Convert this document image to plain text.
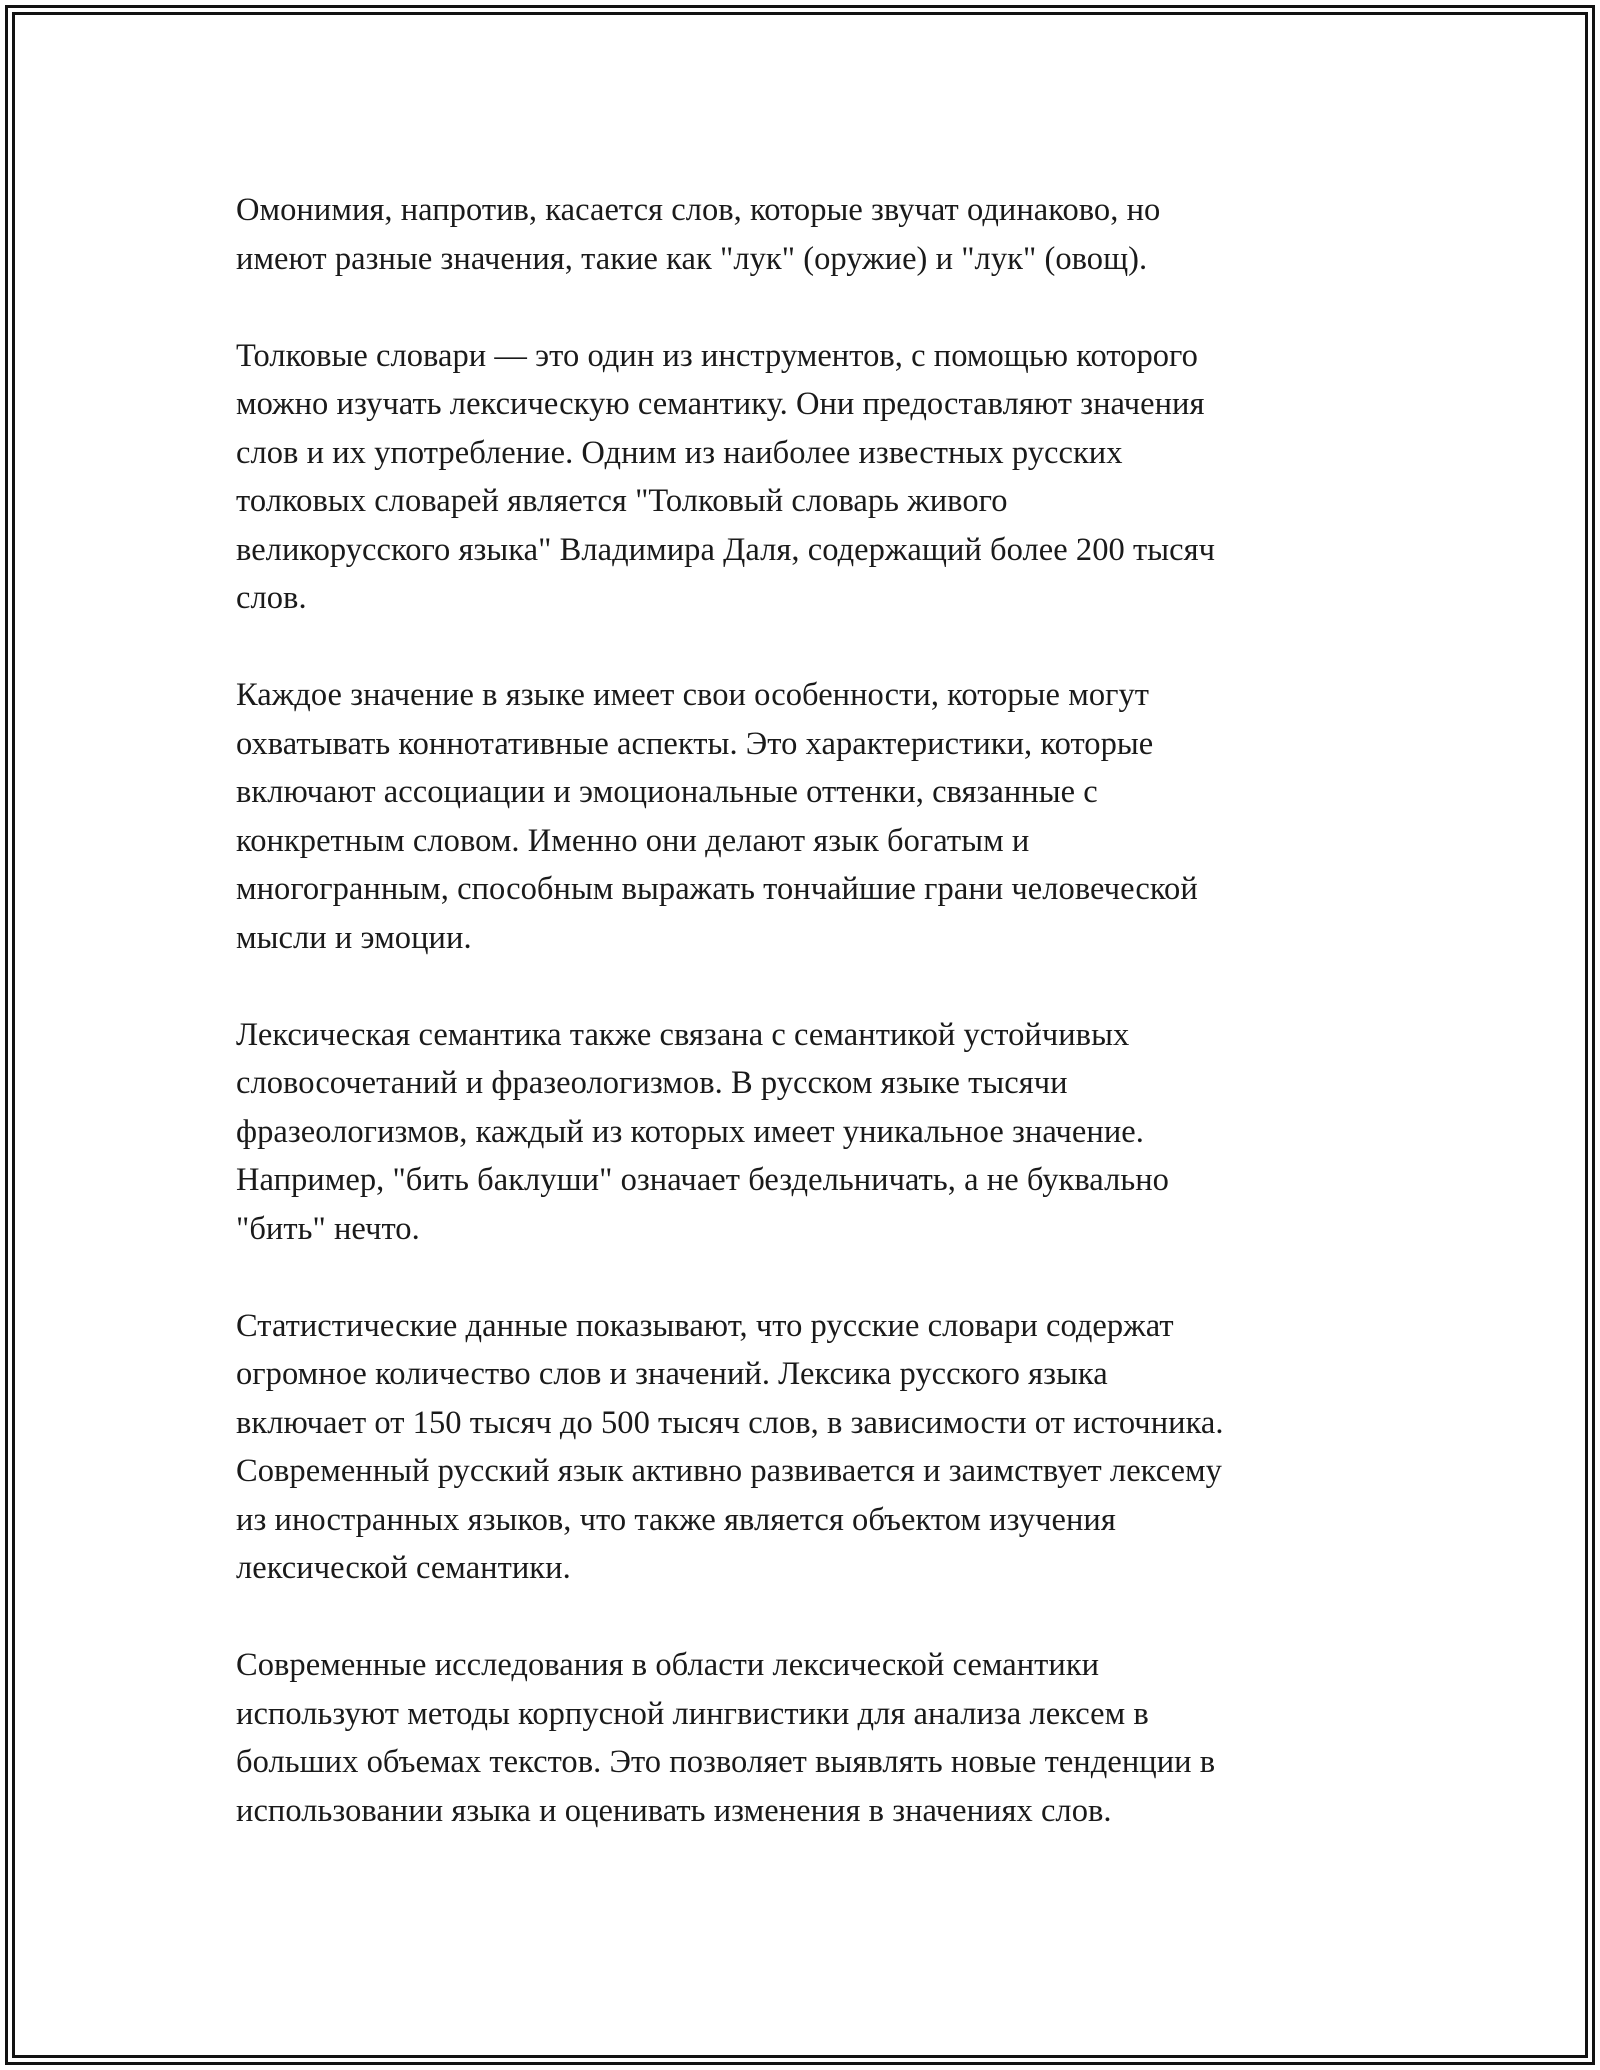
Омонимия, напротив, касается слов, которые звучат одинаково, но
имеют разные значения, такие как "лук" (оружие) и "лук" (овощ).

Толковые словари — это один из инструментов, с помощью которого
можно изучать лексическую семантику. Они предоставляют значения
слов и их употребление. Одним из наиболее известных русских
толковых словарей является "Толковый словарь живого
великорусского языка" Владимира Даля, содержащий более 200 тысяч
слов.

Каждое значение в языке имеет свои особенности, которые могут
охватывать коннотативные аспекты. Это характеристики, которые
включают ассоциации и эмоциональные оттенки, связанные с
конкретным словом. Именно они делают язык богатым и
многогранным, способным выражать тончайшие грани человеческой
мысли и эмоции.

Лексическая семантика также связана с семантикой устойчивых
словосочетаний и фразеологизмов. В русском языке тысячи
фразеологизмов, каждый из которых имеет уникальное значение.
Например, "бить баклуши" означает бездельничать, а не буквально
"бить" нечто.

Статистические данные показывают, что русские словари содержат
огромное количество слов и значений. Лексика русского языка
включает от 150 тысяч до 500 тысяч слов, в зависимости от источника.
Современный русский язык активно развивается и заимствует лексему
из иностранных языков, что также является объектом изучения
лексической семантики.

Современные исследования в области лексической семантики
используют методы корпусной лингвистики для анализа лексем в
больших объемах текстов. Это позволяет выявлять новые тенденции в
использовании языка и оценивать изменения в значениях слов.
